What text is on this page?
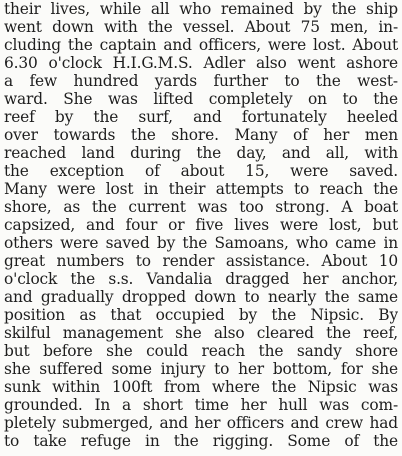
their lives, while all who remained by the ship
went down with the vessel. About 75 men, in-
cluding the captain and officers, were lost. About
6.30 o'clock H.I.G.M.S. Adler also went ashore
a few hundred yards further to the west-
ward. She was lifted completely on to the
reef by the surf, and fortunately heeled
over towards the shore. Many of her men
reached land during the day, and all, with
the exception of about 15, were saved.
Many were lost in their attempts to reach the
shore, as the current was too strong. A boat
capsized, and four or five lives were lost, but
others were saved by the Samoans, who came in
great numbers to render assistance. About 10
o'clock the s.s. Vandalia dragged her anchor,
and gradually dropped down to nearly the same
position as that occupied by the Nipsic. By
skilful management she also cleared the reef,
but before she could reach the sandy shore
she suffered some injury to her bottom, for she
sunk within 100ft from where the Nipsic was
grounded. In a short time her hull was com-
pletely submerged, and her officers and crew had
to take refuge in the rigging. Some of the
